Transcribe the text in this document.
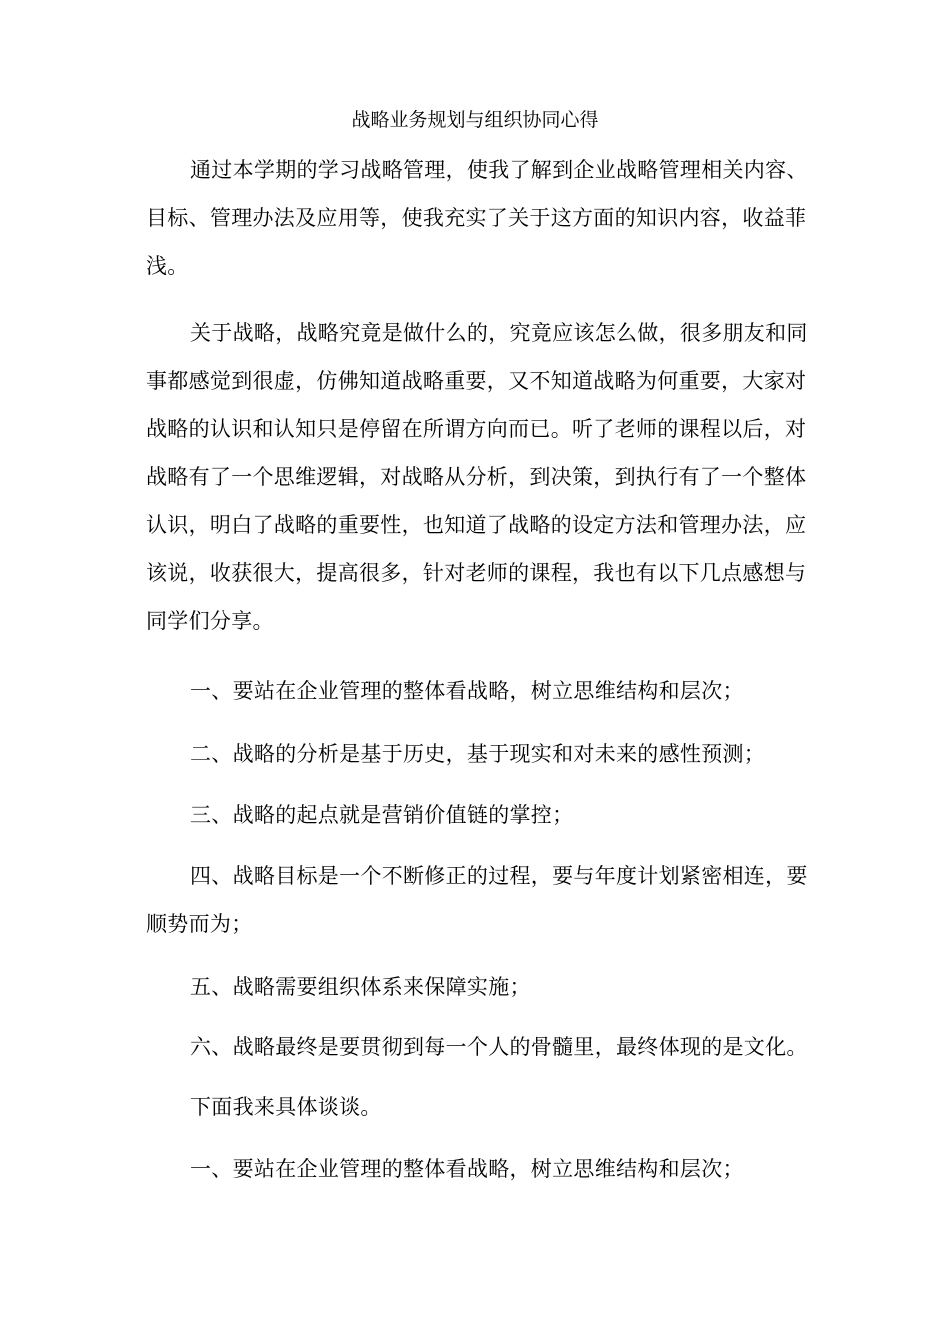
战略业务规划与组织协同心得

通过本学期的学习战略管理，使我了解到企业战略管理相关内容、目标、管理办法及应用等，使我充实了关于这方面的知识内容，收益菲浅。

关于战略，战略究竟是做什么的，究竟应该怎么做，很多朋友和同事都感觉到很虚，仿佛知道战略重要，又不知道战略为何重要，大家对战略的认识和认知只是停留在所谓方向而已。听了老师的课程以后，对战略有了一个思维逻辑，对战略从分析，到决策，到执行有了一个整体认识，明白了战略的重要性，也知道了战略的设定方法和管理办法，应该说，收获很大，提高很多，针对老师的课程，我也有以下几点感想与同学们分享。

一、要站在企业管理的整体看战略，树立思维结构和层次；

二、战略的分析是基于历史，基于现实和对未来的感性预测；

三、战略的起点就是营销价值链的掌控；

四、战略目标是一个不断修正的过程，要与年度计划紧密相连，要顺势而为；

五、战略需要组织体系来保障实施；

六、战略最终是要贯彻到每一个人的骨髓里，最终体现的是文化。

下面我来具体谈谈。

一、要站在企业管理的整体看战略，树立思维结构和层次；
